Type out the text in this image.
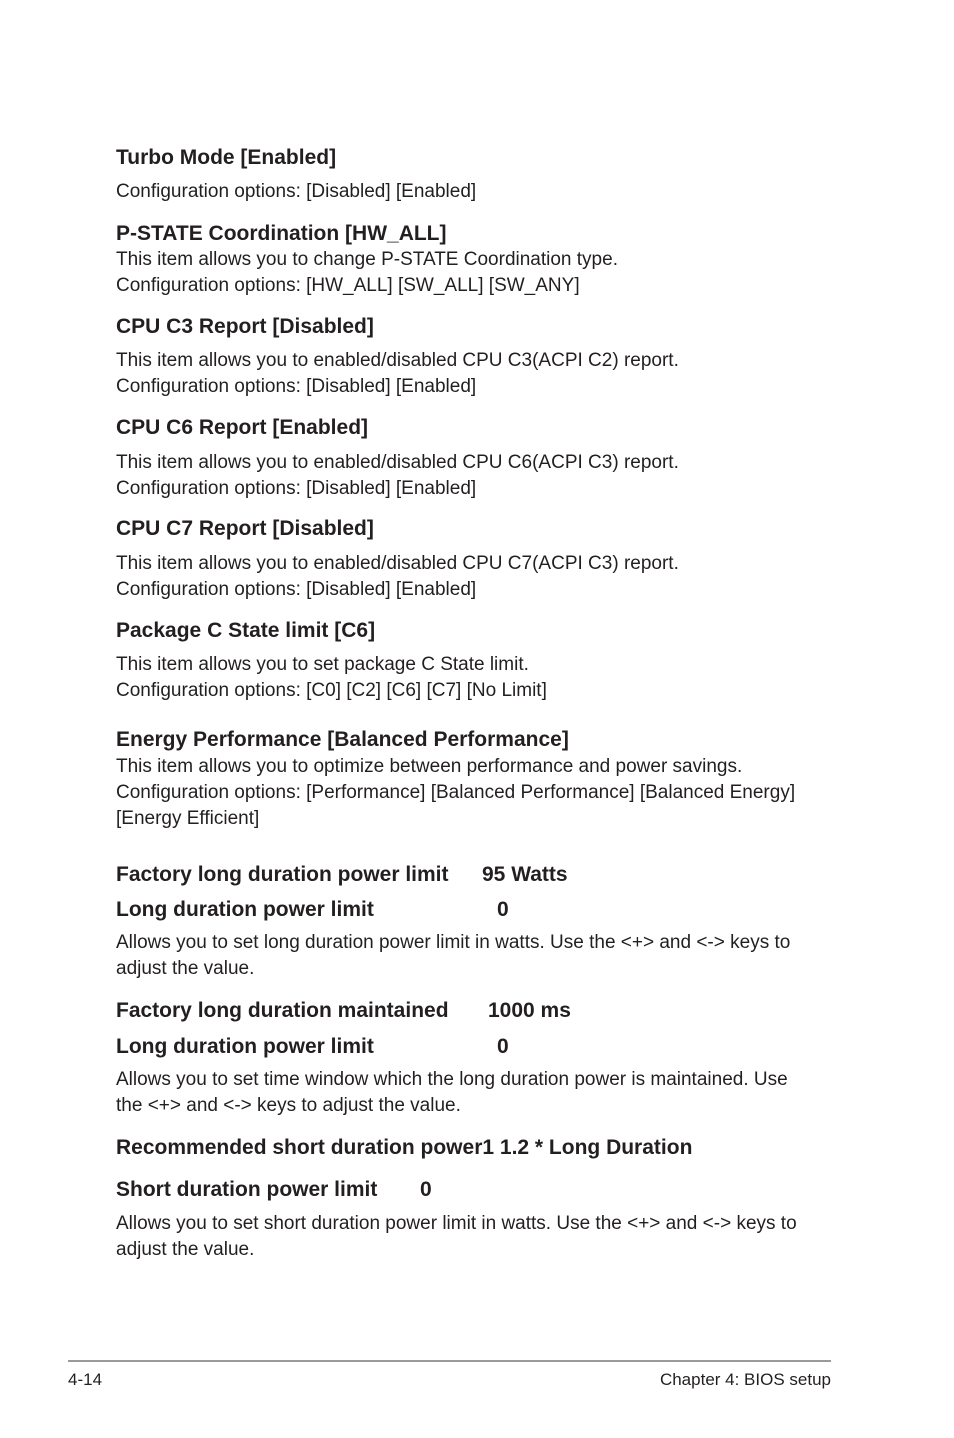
Turbo Mode [Enabled]
Configuration options: [Disabled] [Enabled]
P-STATE Coordination [HW_ALL]
This item allows you to change P-STATE Coordination type.
Configuration options: [HW_ALL] [SW_ALL] [SW_ANY]
CPU C3 Report [Disabled]
This item allows you to enabled/disabled CPU C3(ACPI C2) report.
Configuration options: [Disabled] [Enabled]
CPU C6 Report [Enabled]
This item allows you to enabled/disabled CPU C6(ACPI C3) report.
Configuration options: [Disabled] [Enabled]
CPU C7 Report [Disabled]
This item allows you to enabled/disabled CPU C7(ACPI C3) report.
Configuration options: [Disabled] [Enabled]
Package C State limit [C6]
This item allows you to set package C State limit.
Configuration options: [C0] [C2] [C6] [C7] [No Limit]
Energy Performance [Balanced Performance]
This item allows you to optimize between performance and power savings.
Configuration options: [Performance] [Balanced Performance] [Balanced Energy]
[Energy Efficient]
Factory long duration power limit 95 Watts
Long duration power limit	0
Allows you to set long duration power limit in watts. Use the <+> and <-> keys to
adjust the value.
Factory long duration maintained 1000 ms
Long duration power limit	0
Allows you to set time window which the long duration power is maintained. Use
the <+> and <-> keys to adjust the value.
Recommended short duration power1 1.2 * Long Duration
Short duration power limit 0
Allows you to set short duration power limit in watts. Use the <+> and <-> keys to
adjust the value.
4-14	Chapter 4: BIOS setup
